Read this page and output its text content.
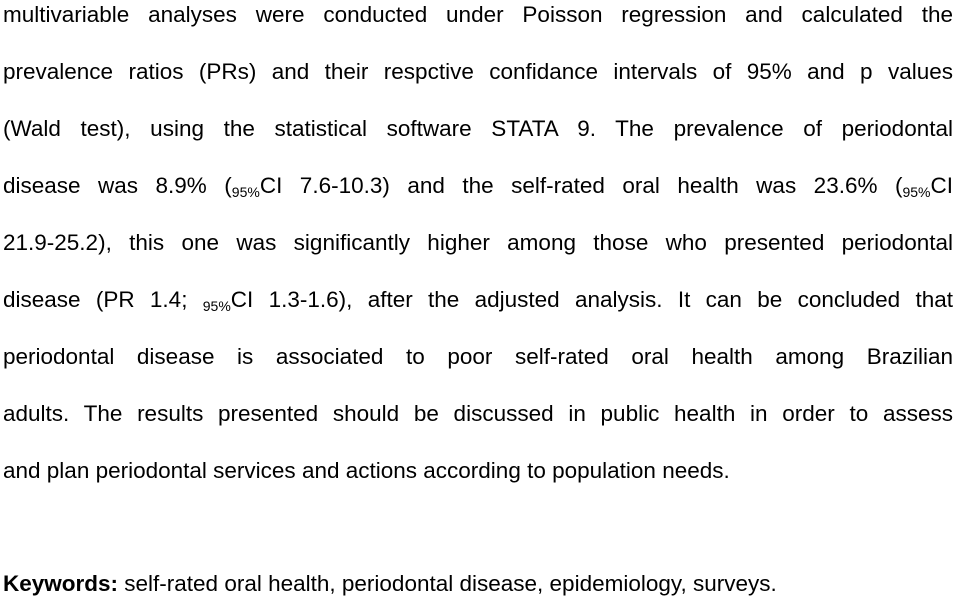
multivariable analyses were conducted under Poisson regression and calculated the
prevalence ratios (PRs) and their respctive confidance intervals of 95% and p values
(Wald test), using the statistical software STATA 9. The prevalence of periodontal
disease was 8.9% (95%CI 7.6-10.3) and the self-rated oral health was 23.6% (95%CI
21.9-25.2), this one was significantly higher among those who presented periodontal
disease (PR 1.4; 95%CI 1.3-1.6), after the adjusted analysis. It can be concluded that
periodontal disease is associated to poor self-rated oral health among Brazilian
adults. The results presented should be discussed in public health in order to assess
and plan periodontal services and actions according to population needs.
Keywords: self-rated oral health, periodontal disease, epidemiology, surveys.
